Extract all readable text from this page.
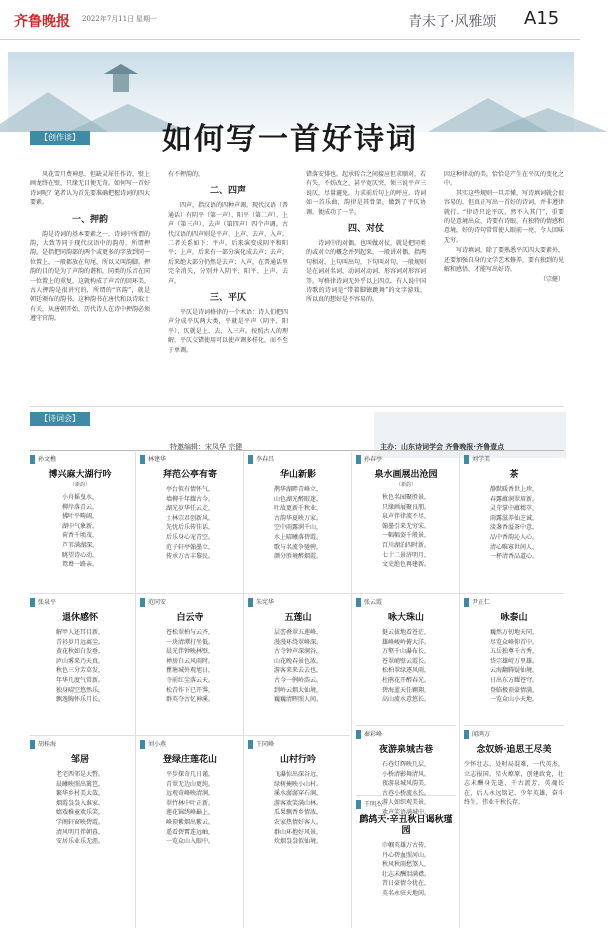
齐鲁晚报 2022年7月11日 星期一	青未了·风雅颂 A15
【创作谈】	如何写一首好诗词
风花雪月费神思，但缺灵犀任作诗，壁上画龙终在壁，只缘无目便无奇。如何写一首好诗词呢？笔者认为首先要准确把握诗词的四大要素。
一、押韵
韵是诗词的基本要素之一，诗词中所谓的韵，大致等同于现代汉语中的韵母，所谓押韵，是指把同韵部的两个或更多的字放到同一位置上，一般都放在句尾，所以又叫韵脚。押韵的目的是为了声韵的谐和，同类的乐音在同一位置上的重复，这就构成了声音的回环美，古人押韵是很讲究的，所谓的“官韵”，就是朝廷颁布的韵书，这种韵书在唐代和以诗取士有关，从唐朝开始，历代诗人在诗中押韵必须遵守官韵。
有不押韵的。
二、四声
四声，指汉语的四种声调。现代汉语（普通话）有阴平（第一声）、阳平（第二声）、上声（第三声）、去声（第四声）四个声调。古代汉语的四声则是平声、上声、去声、入声。二者关系如下：平声，后来演变成阴平和阳平；上声，后来有一部分演化成去声；去声，后来绝大部分仍然是去声；入声，在普通话里完全消失，分别并入阴平、阳平、上声、去声。
三、平仄
平仄是诗词格律的一个术语：诗人们把四声分成平仄两大类，平就是平声（阴平、阳平），仄就是上、去、入三声。按照古人的理解，平仄交错使用可以使声调多样化，而不至于单调。
错落安排也。起承转合之间接应但求顺对，若有失，不妨改之，甚平宽仄突，须三说平声三说仄，尽量避免，力求前后句上的呼应。诗词如一首乐曲，韵律是其骨架，做到了平仄协调，便成功了一半。
四、对仗
诗词中的对偶，也叫做对仗，就是把同类的或对立的概念并列起来，一般讲对偶，指两句相对，上句叫出句，下句叫对句。一般规则是在词对名词，动词对动词，形容词对形容词等。写格律诗词无外乎以上四点，有人说中国诗歌的诗词是“带着脚镣跳舞”的文字游戏，所以真的想好是不容易的。
因这种律动的美，恰恰是产生在平仄的变化之中。
其实这些规则一旦弄懂，写诗填词就会很容易的，但真正写出一首好的诗词，并非遵律就行。“律诗只论平仄，然不入其门”，重要的是意境出众，诗要有诗眼，有独特的情感和意境，好的诗句常常使人眼前一亮，令人回味无穷。
写诗填词，除了要熟悉平仄四大要素外，还要加强自身的文学艺术修养，要有独到的见解和感悟，才能写出好诗。
（宗健）
【诗词会】
特邀编辑：宋凤华 宗健	主办：山东诗词学会 齐鲁晚报·齐鲁壹点
孙文樵
博兴麻大湖行吟
（新韵）
小舟摇曳水，
柳岸落青云。
拂叶平畴阔，
湖中气象新。
荷香千顷茂，
芦苇满湖深。
眺望诗心动，
鸳鸯一路亲。
林建华
拜范公亭有寄
亭台似有情怀气，
墙柳千年耀古今。
湖光岁华任云走，
士林宗君创新风。
先忧后乐传佳话，
后乐身心宠青空。
范子轩亭翰墨立，
传承万古丰黎民。
李春昌
华山新影
鹊华湖畔青峰立，
山色湖光醉眼迷。
吐故更新千秋业，
古韵华夏映万家。
空中雨露润千山，
水上晴曦落碧霞。
歌与名流争驰骋，
颜分胜境醉烟霞。
孙春亭
泉水画展出沧园
（新韵）
秋色名园聚胜景，
只缘画展聚良朋。
泉声伴律流不尽，
翰墨引来无穷宋。
一幅幅姿千般景，
百川湖泊四时新。
七十二景济明月，
文史绝色再建新。
刘学美
茶
静默暖香世上珍，
春露蕴润翠眉新。
灵芽掌中蕴精萃，
雨露滋养仙芝诚。
淡盏香溢茶中意，
品中香韵沁人心。
清心唯寡世间人，
一杯清香品道心。
张泉平
退休感怀
解甲人还耳目新，
青衫岁月远离尘。
黄花秋如白发垂，
庐山雾来乃天真。
秋色三分芳草发，
年华几度气常新。
独身晴空悠然乐，
飘逸胸怀乐月长。
范同安
白云寺
苍松翠柏与云齐，
一块清潭打坐低。
晨光伴钟映林壁，
禅房白云风雨时。
瞿塘城外观旭日，
寺前红尘落云天。
松青作下已开霁，
群英夺古忆神溪。
朱宪华
五莲山
层峦叠翠五莲峰，
漫漫环绕翠峰深。
古寺钟声深涧谷，
山花晚春景色浓。
游客来来去去也，
古今一例岭浩云。
到岭云烟大仙境，
巍巍清晖照人间。
张云霞
咏大珠山
挺云拔地看苍茫，
雄峰峻岭俯大洋。
万壑千山瀑布长，
苍翠峭壁云霞长。
松柏翠绿逐风雨，
杜鹃花开醉春光。
碧海蓝天任翱翔，
高山流水意悠长。
尹正仁
咏泰山
巍然万仞地天同，
尽览众峰仰首中。
五岳独尊千古秀，
岱宗雄峙万里雄。
云海翻腾疑仙境，
日出东方耀苍穹。
登临极顶豪情满，
一览众山小天地。
胡桂海
邹居
老宅西邻是大瞥，
晨曦映照出篱笆。
繁华乡村美大哉，
烟霞袅袅入谁家。
嬉戏稚童欢乐笑，
学阁轩窗映碧霞。
清风明月伴朝暮，
安居乐业乐无涯。
刘小燕
登绿庄莲花山
平步探奇几日谨，
青翠无边山更纯。
远观奇峰映清涧，
翠竹林中叶正新。
莲花锦绣峰巅上，
峰顶紫烟出紫云。
遥看碧霄连远岫，
一览众山入眼中。
王同峰
山村行吟
飞瀑惊出深谷远，
绿树掩映小山村。
溪水潺潺穿石涧，
游客欢笑满山林。
瓜果飘香乡情浓，
农家热情好客人。
群山环抱好风景，
炊烟袅袅似仙境。
秦彩峰
夜游泉城古巷
石巷灯辉映几层，
小桥清影舞清风。
夜游泉城风韵美，
古巷小桥流水长。
游人如织观美景，
欢声笑语满城中。
王明杰
鹧鸪天·辛丑秋日谒秋瑾园
巾帼英雄万古传，
丹心碧血照河山。
秋风秋雨愁煞人，
壮志未酬泪满襟。
昔日豪情今犹在，
英名永驻天地间。
闻鸿万
念奴娇·追思王尽美
少怀壮志，处时局混难，一代英杰，立志报国，星火燎原，创建政党，壮志未酬身先逝，千古流芳，英魂长在，后人永远铭记，少年英雄，奋斗终生，伟业千秋长存。
